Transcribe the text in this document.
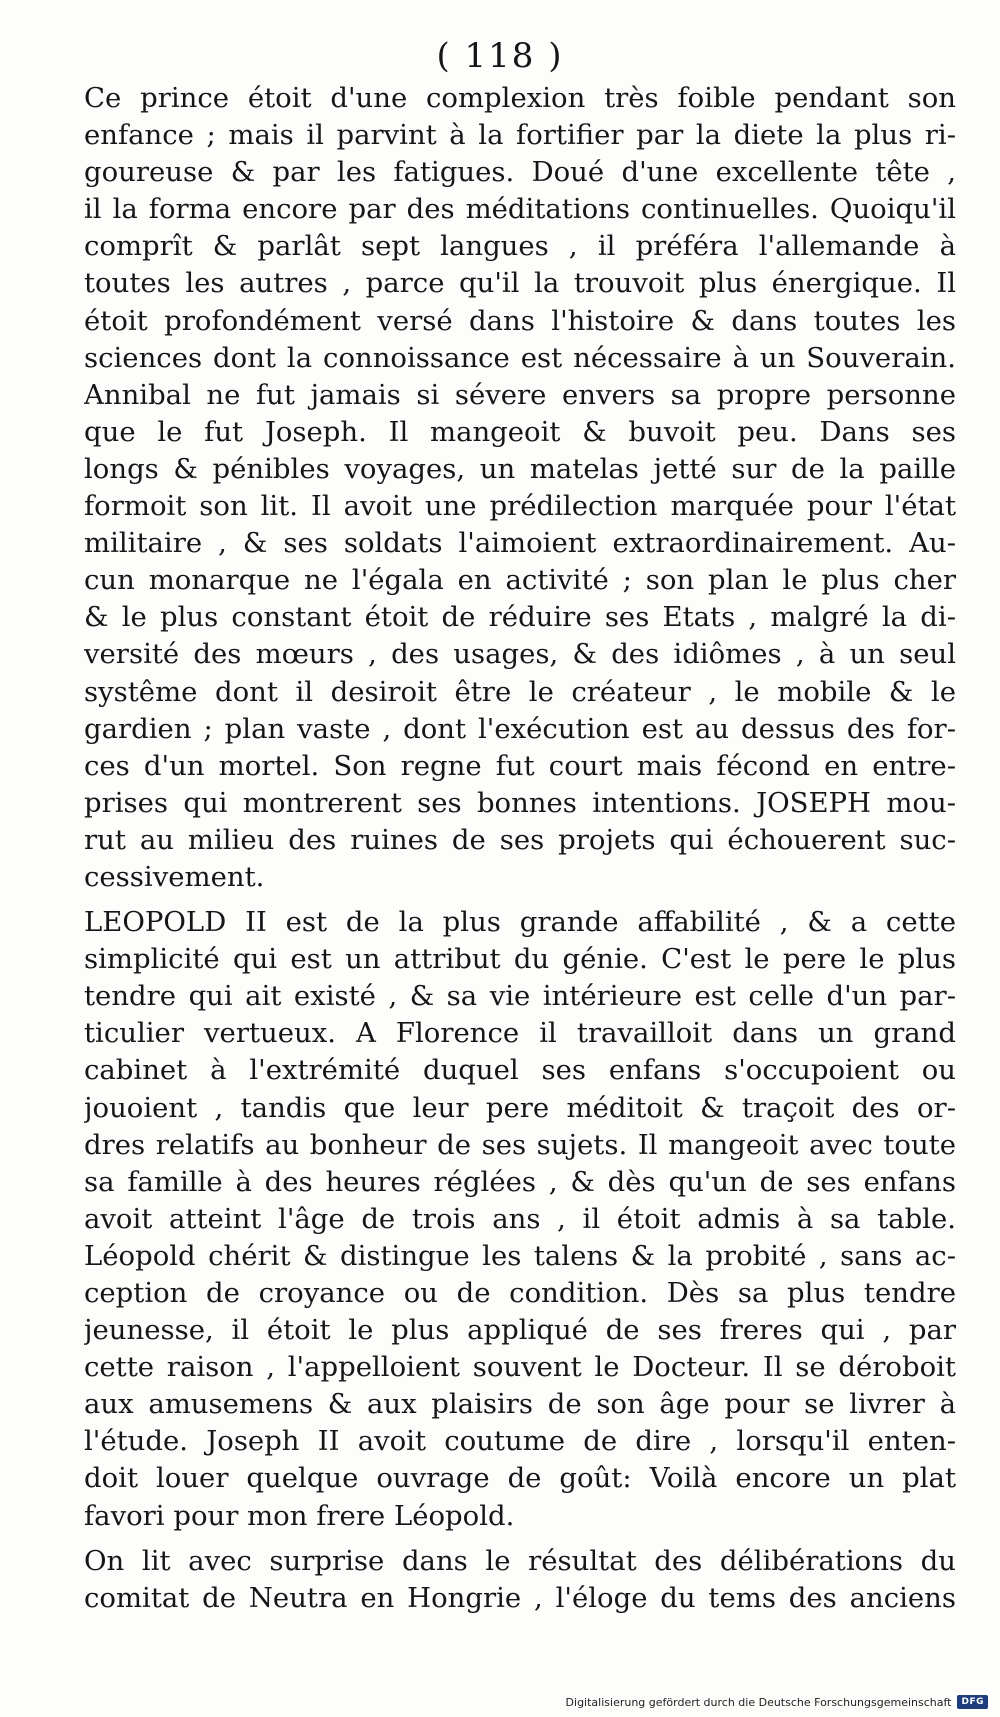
( 118 )
Ce prince étoit d'une complexion très foible pendant son
enfance ; mais il parvint à la fortifier par la diete la plus ri-
goureuse & par les fatigues. Doué d'une excellente tête ,
il la forma encore par des méditations continuelles. Quoiqu'il
comprît & parlât sept langues , il préféra l'allemande à
toutes les autres , parce qu'il la trouvoit plus énergique. Il
étoit profondément versé dans l'histoire & dans toutes les
sciences dont la connoissance est nécessaire à un Souverain.
Annibal ne fut jamais si sévere envers sa propre personne
que le fut Joseph. Il mangeoit & buvoit peu. Dans ses
longs & pénibles voyages, un matelas jetté sur de la paille
formoit son lit. Il avoit une prédilection marquée pour l'état
militaire , & ses soldats l'aimoient extraordinairement. Au-
cun monarque ne l'égala en activité ; son plan le plus cher
& le plus constant étoit de réduire ses Etats , malgré la di-
versité des mœurs , des usages, & des idiômes , à un seul
systême dont il desiroit être le créateur , le mobile & le
gardien ; plan vaste , dont l'exécution est au dessus des for-
ces d'un mortel. Son regne fut court mais fécond en entre-
prises qui montrerent ses bonnes intentions. JOSEPH mou-
rut au milieu des ruines de ses projets qui échouerent suc-
cessivement.
LEOPOLD II est de la plus grande affabilité , & a cette
simplicité qui est un attribut du génie. C'est le pere le plus
tendre qui ait existé , & sa vie intérieure est celle d'un par-
ticulier vertueux. A Florence il travailloit dans un grand
cabinet à l'extrémité duquel ses enfans s'occupoient ou
jouoient , tandis que leur pere méditoit & traçoit des or-
dres relatifs au bonheur de ses sujets. Il mangeoit avec toute
sa famille à des heures réglées , & dès qu'un de ses enfans
avoit atteint l'âge de trois ans , il étoit admis à sa table.
Léopold chérit & distingue les talens & la probité , sans ac-
ception de croyance ou de condition. Dès sa plus tendre
jeunesse, il étoit le plus appliqué de ses freres qui , par
cette raison , l'appelloient souvent le Docteur. Il se déroboit
aux amusemens & aux plaisirs de son âge pour se livrer à
l'étude. Joseph II avoit coutume de dire , lorsqu'il enten-
doit louer quelque ouvrage de goût: Voilà encore un plat
favori pour mon frere Léopold.
On lit avec surprise dans le résultat des délibérations du
comitat de Neutra en Hongrie , l'éloge du tems des anciens
Digitalisierung gefördert durch die Deutsche Forschungsgemeinschaft	DFG
